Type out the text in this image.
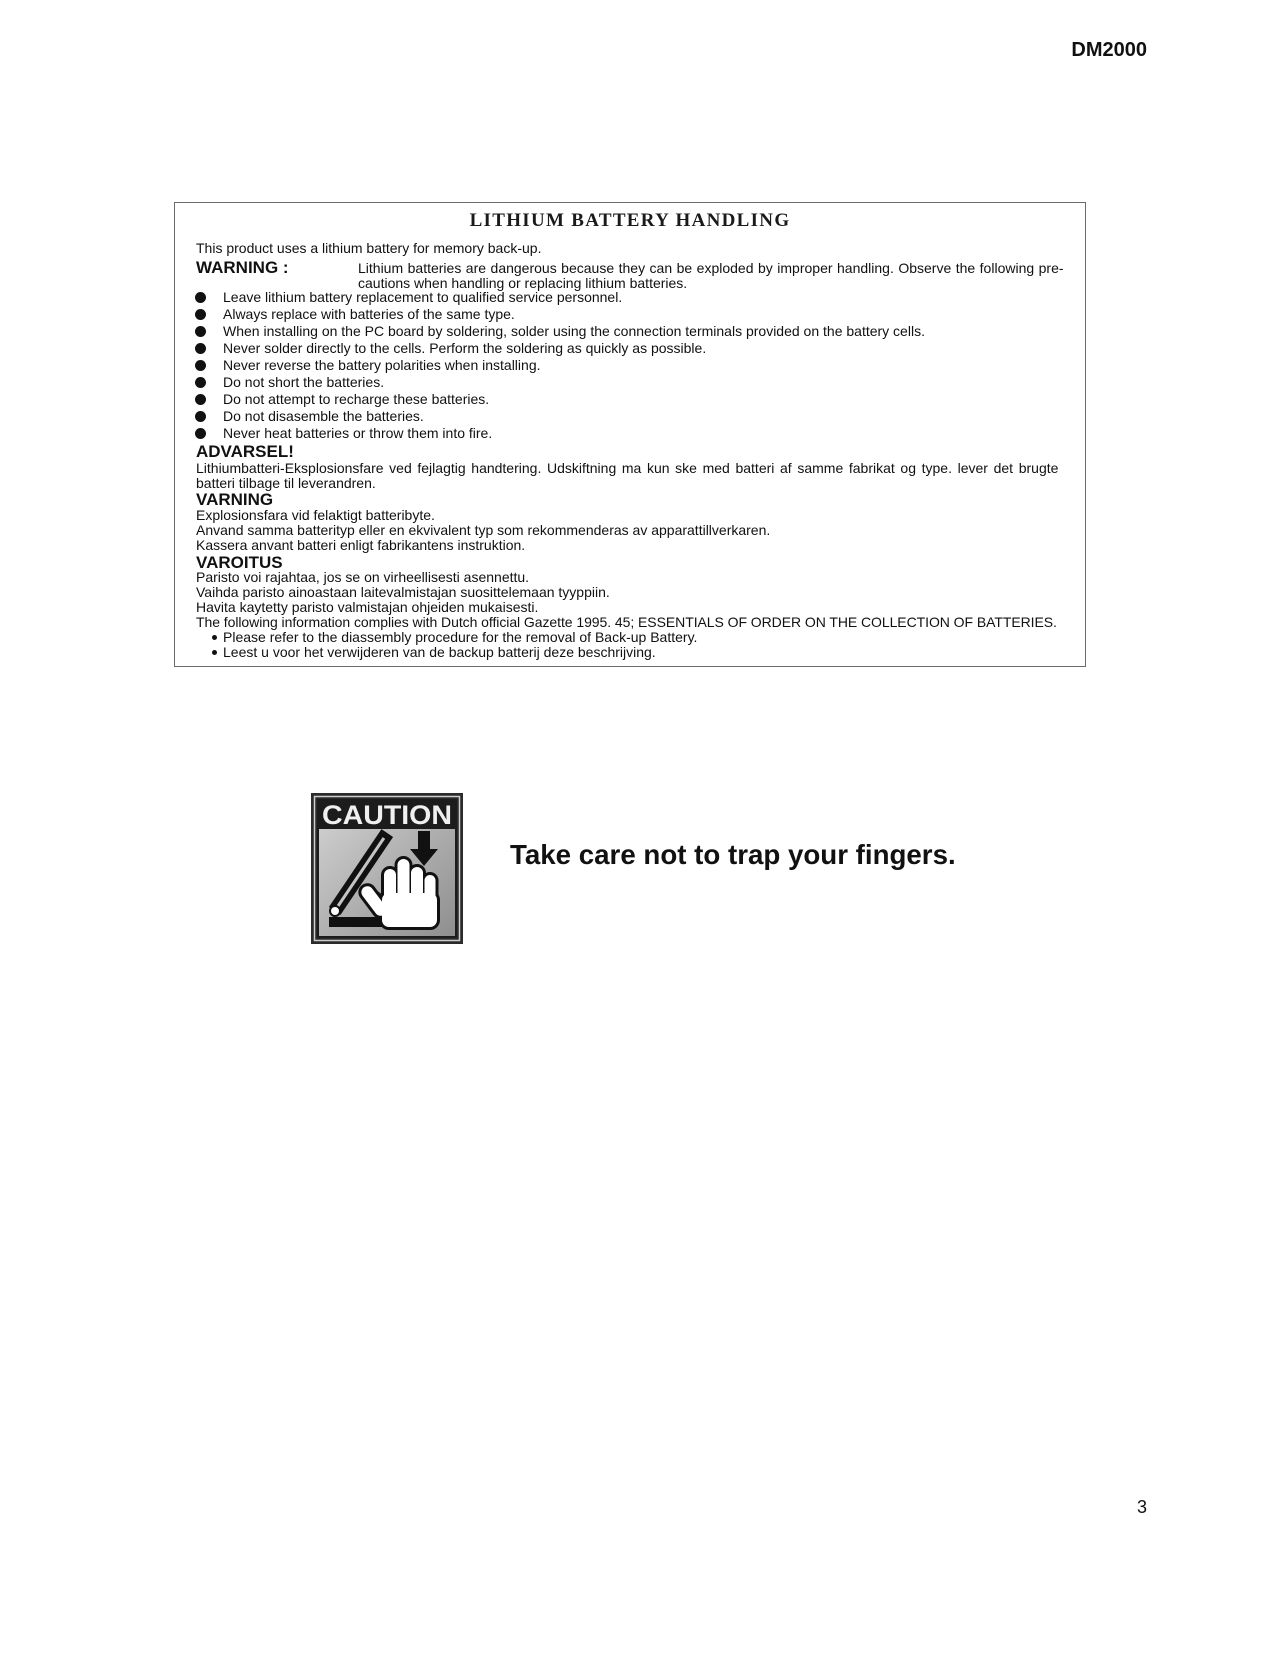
DM2000
LITHIUM BATTERY HANDLING
This product uses a lithium battery for memory back-up.
WARNING :	Lithium batteries are dangerous because they can be exploded by improper handling. Observe the following pre-
cautions when handling or replacing lithium batteries.
Leave lithium battery replacement to qualified service personnel.
Always replace with batteries of the same type.
When installing on the PC board by soldering, solder using the connection terminals provided on the battery cells.
Never solder directly to the cells. Perform the soldering as quickly as possible.
Never reverse the battery polarities when installing.
Do not short the batteries.
Do not attempt to recharge these batteries.
Do not disasemble the batteries.
Never heat batteries or throw them into fire.
ADVARSEL!
Lithiumbatteri-Eksplosionsfare ved fejlagtig handtering. Udskiftning ma kun ske med batteri af samme fabrikat og type. lever det brugte
batteri tilbage til leverandren.
VARNING
Explosionsfara vid felaktigt batteribyte.
Anvand samma batterityp eller en ekvivalent typ som rekommenderas av apparattillverkaren.
Kassera anvant batteri enligt fabrikantens instruktion.
VAROITUS
Paristo voi rajahtaa, jos se on virheellisesti asennettu.
Vaihda paristo ainoastaan laitevalmistajan suosittelemaan tyyppiin.
Havita kaytetty paristo valmistajan ohjeiden mukaisesti.
The following information complies with Dutch official Gazette 1995. 45; ESSENTIALS OF ORDER ON THE COLLECTION OF BATTERIES.
Please refer to the diassembly procedure for the removal of Back-up Battery.
Leest u voor het verwijderen van de backup batterij deze beschrijving.
CAUTION
Take care not to trap your fingers.
3
